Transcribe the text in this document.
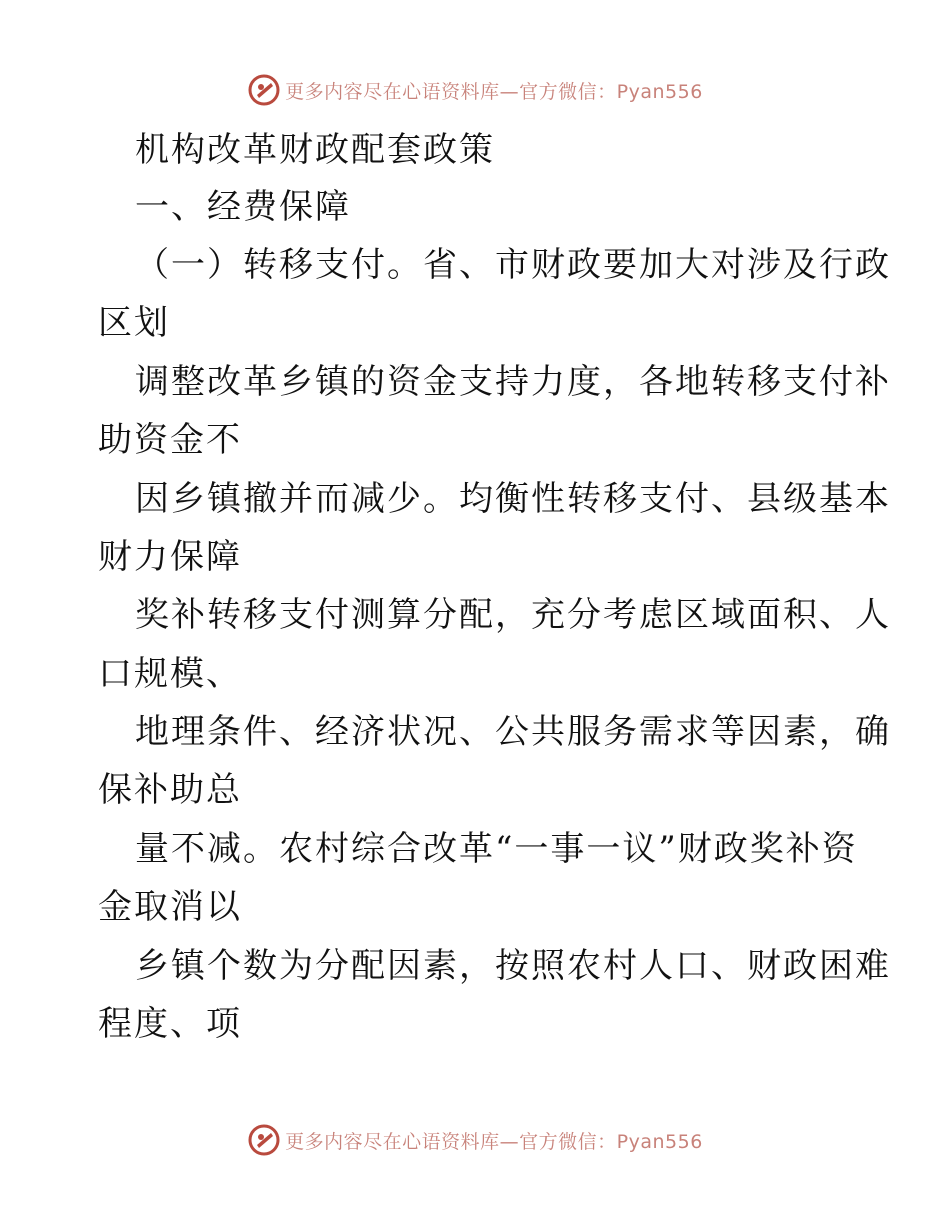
更多内容尽在心语资料库—官方微信：Pyan556
机构改革财政配套政策
一、经费保障
（一）转移支付。省、市财政要加大对涉及行政
区划
调整改革乡镇的资金支持力度，各地转移支付补
助资金不
因乡镇撤并而减少。均衡性转移支付、县级基本
财力保障
奖补转移支付测算分配，充分考虑区域面积、人
口规模、
地理条件、经济状况、公共服务需求等因素，确
保补助总
量不减。农村综合改革“一事一议”财政奖补资
金取消以
乡镇个数为分配因素，按照农村人口、财政困难
程度、项
更多内容尽在心语资料库—官方微信：Pyan556
